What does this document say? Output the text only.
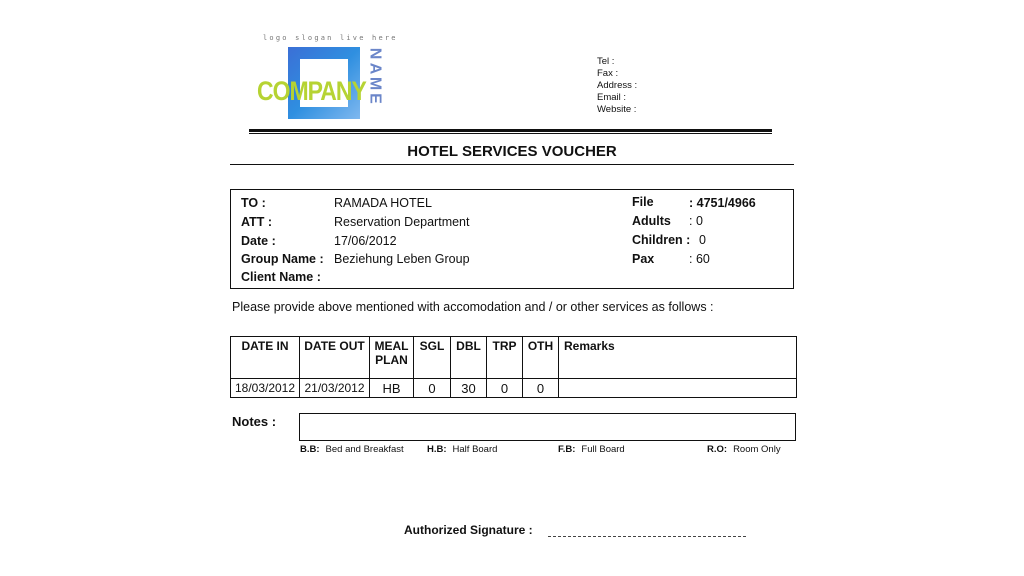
logo slogan live here
COMPANY
N
A
M
E
Tel :
Fax :
Address :
Email :
Website :
HOTEL SERVICES VOUCHER
TO :	RAMADA HOTEL
ATT :	Reservation Department
Date :	17/06/2012
Group Name : Beziehung Leben Group
Client Name :
File	: 4751/4966
Adults : 0
Children : 0
Pax	: 60
Please provide above mentioned with accomodation and / or other services as follows :
DATE IN	DATE OUT	MEAL PLAN	SGL	DBL	TRP	OTH	Remarks
18/03/2012	21/03/2012	HB	0	30	0	0	
Notes :
B.B: Bed and Breakfast H.B: Half Board	F.B: Full Board	R.O: Room Only
Authorized Signature :
